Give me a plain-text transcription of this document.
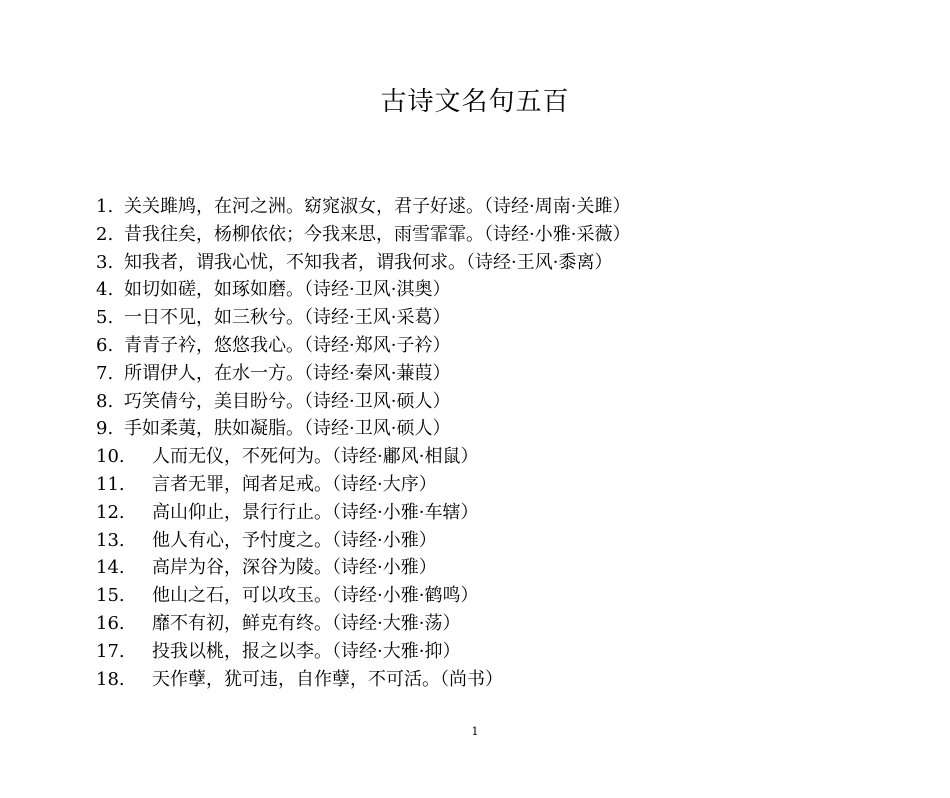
古诗文名句五百
1. 关关雎鸠，在河之洲。窈窕淑女，君子好逑。（诗经·周南·关雎）
2. 昔我往矣，杨柳依依；今我来思，雨雪霏霏。（诗经·小雅·采薇）
3. 知我者，谓我心忧，不知我者，谓我何求。（诗经·王风·黍离）
4. 如切如磋，如琢如磨。（诗经·卫风·淇奥）
5. 一日不见，如三秋兮。（诗经·王风·采葛）
6. 青青子衿，悠悠我心。（诗经·郑风·子衿）
7. 所谓伊人，在水一方。（诗经·秦风·蒹葭）
8. 巧笑倩兮，美目盼兮。（诗经·卫风·硕人）
9. 手如柔荑，肤如凝脂。（诗经·卫风·硕人）
10.	人而无仪，不死何为。（诗经·鄘风·相鼠）
11.	言者无罪，闻者足戒。（诗经·大序）
12.	高山仰止，景行行止。（诗经·小雅·车辖）
13.	他人有心，予忖度之。（诗经·小雅）
14.	高岸为谷，深谷为陵。（诗经·小雅）
15.	他山之石，可以攻玉。（诗经·小雅·鹤鸣）
16.	靡不有初，鲜克有终。（诗经·大雅·荡）
17.	投我以桃，报之以李。（诗经·大雅·抑）
18.	天作孽，犹可违，自作孽，不可活。（尚书）
1
